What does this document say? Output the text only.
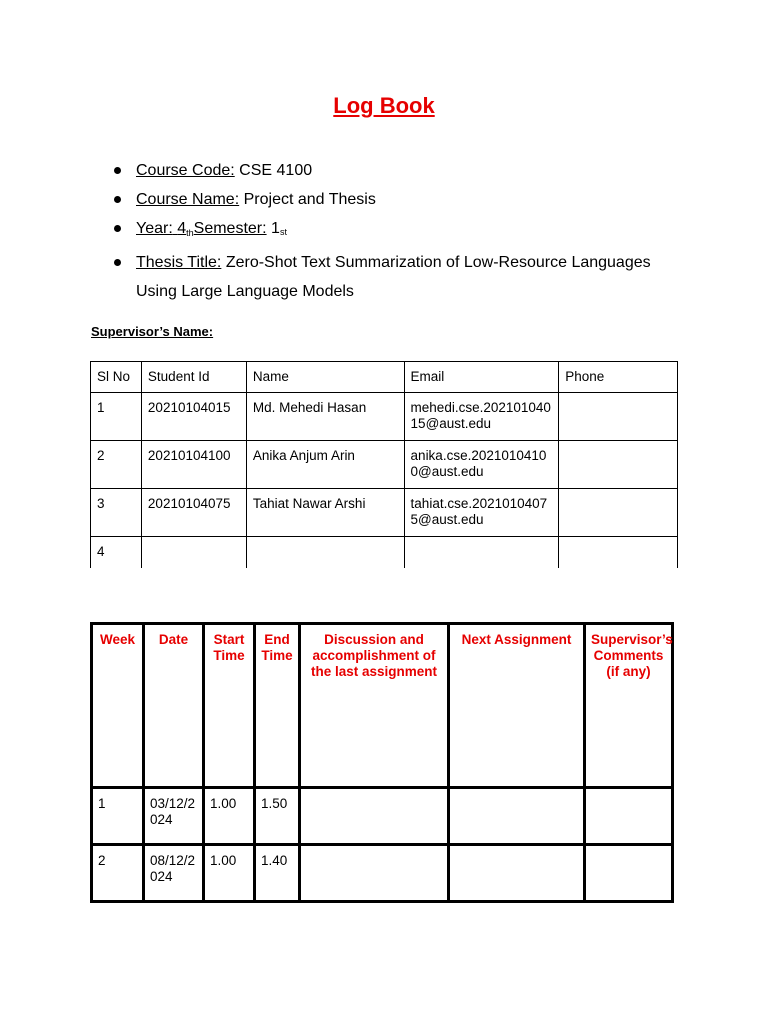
Log Book
Course Code: CSE 4100
Course Name: Project and Thesis
Year: $4_{th}Semester$: $1_{st}$
Thesis Title: Zero-Shot Text Summarization of Low-Resource Languages
Using Large Language Models
Supervisor’s Name:
Sl No	Student Id	Name	Email	Phone
1	20210104015	Md. Mehedi Hasan	mehedi.cse.20210104015@aust.edu	
2	20210104100	Anika Anjum Arin	anika.cse.20210104100@aust.edu	
3	20210104075	Tahiat Nawar Arshi	tahiat.cse.20210104075@aust.edu	
4				
Week	Date	Start Time	End Time	Discussion and accomplishment of the last assignment	Next Assignment	Supervisor’s Comments (if any)
1	03/12/2024	1.00	1.50			
2	08/12/2024	1.00	1.40			
